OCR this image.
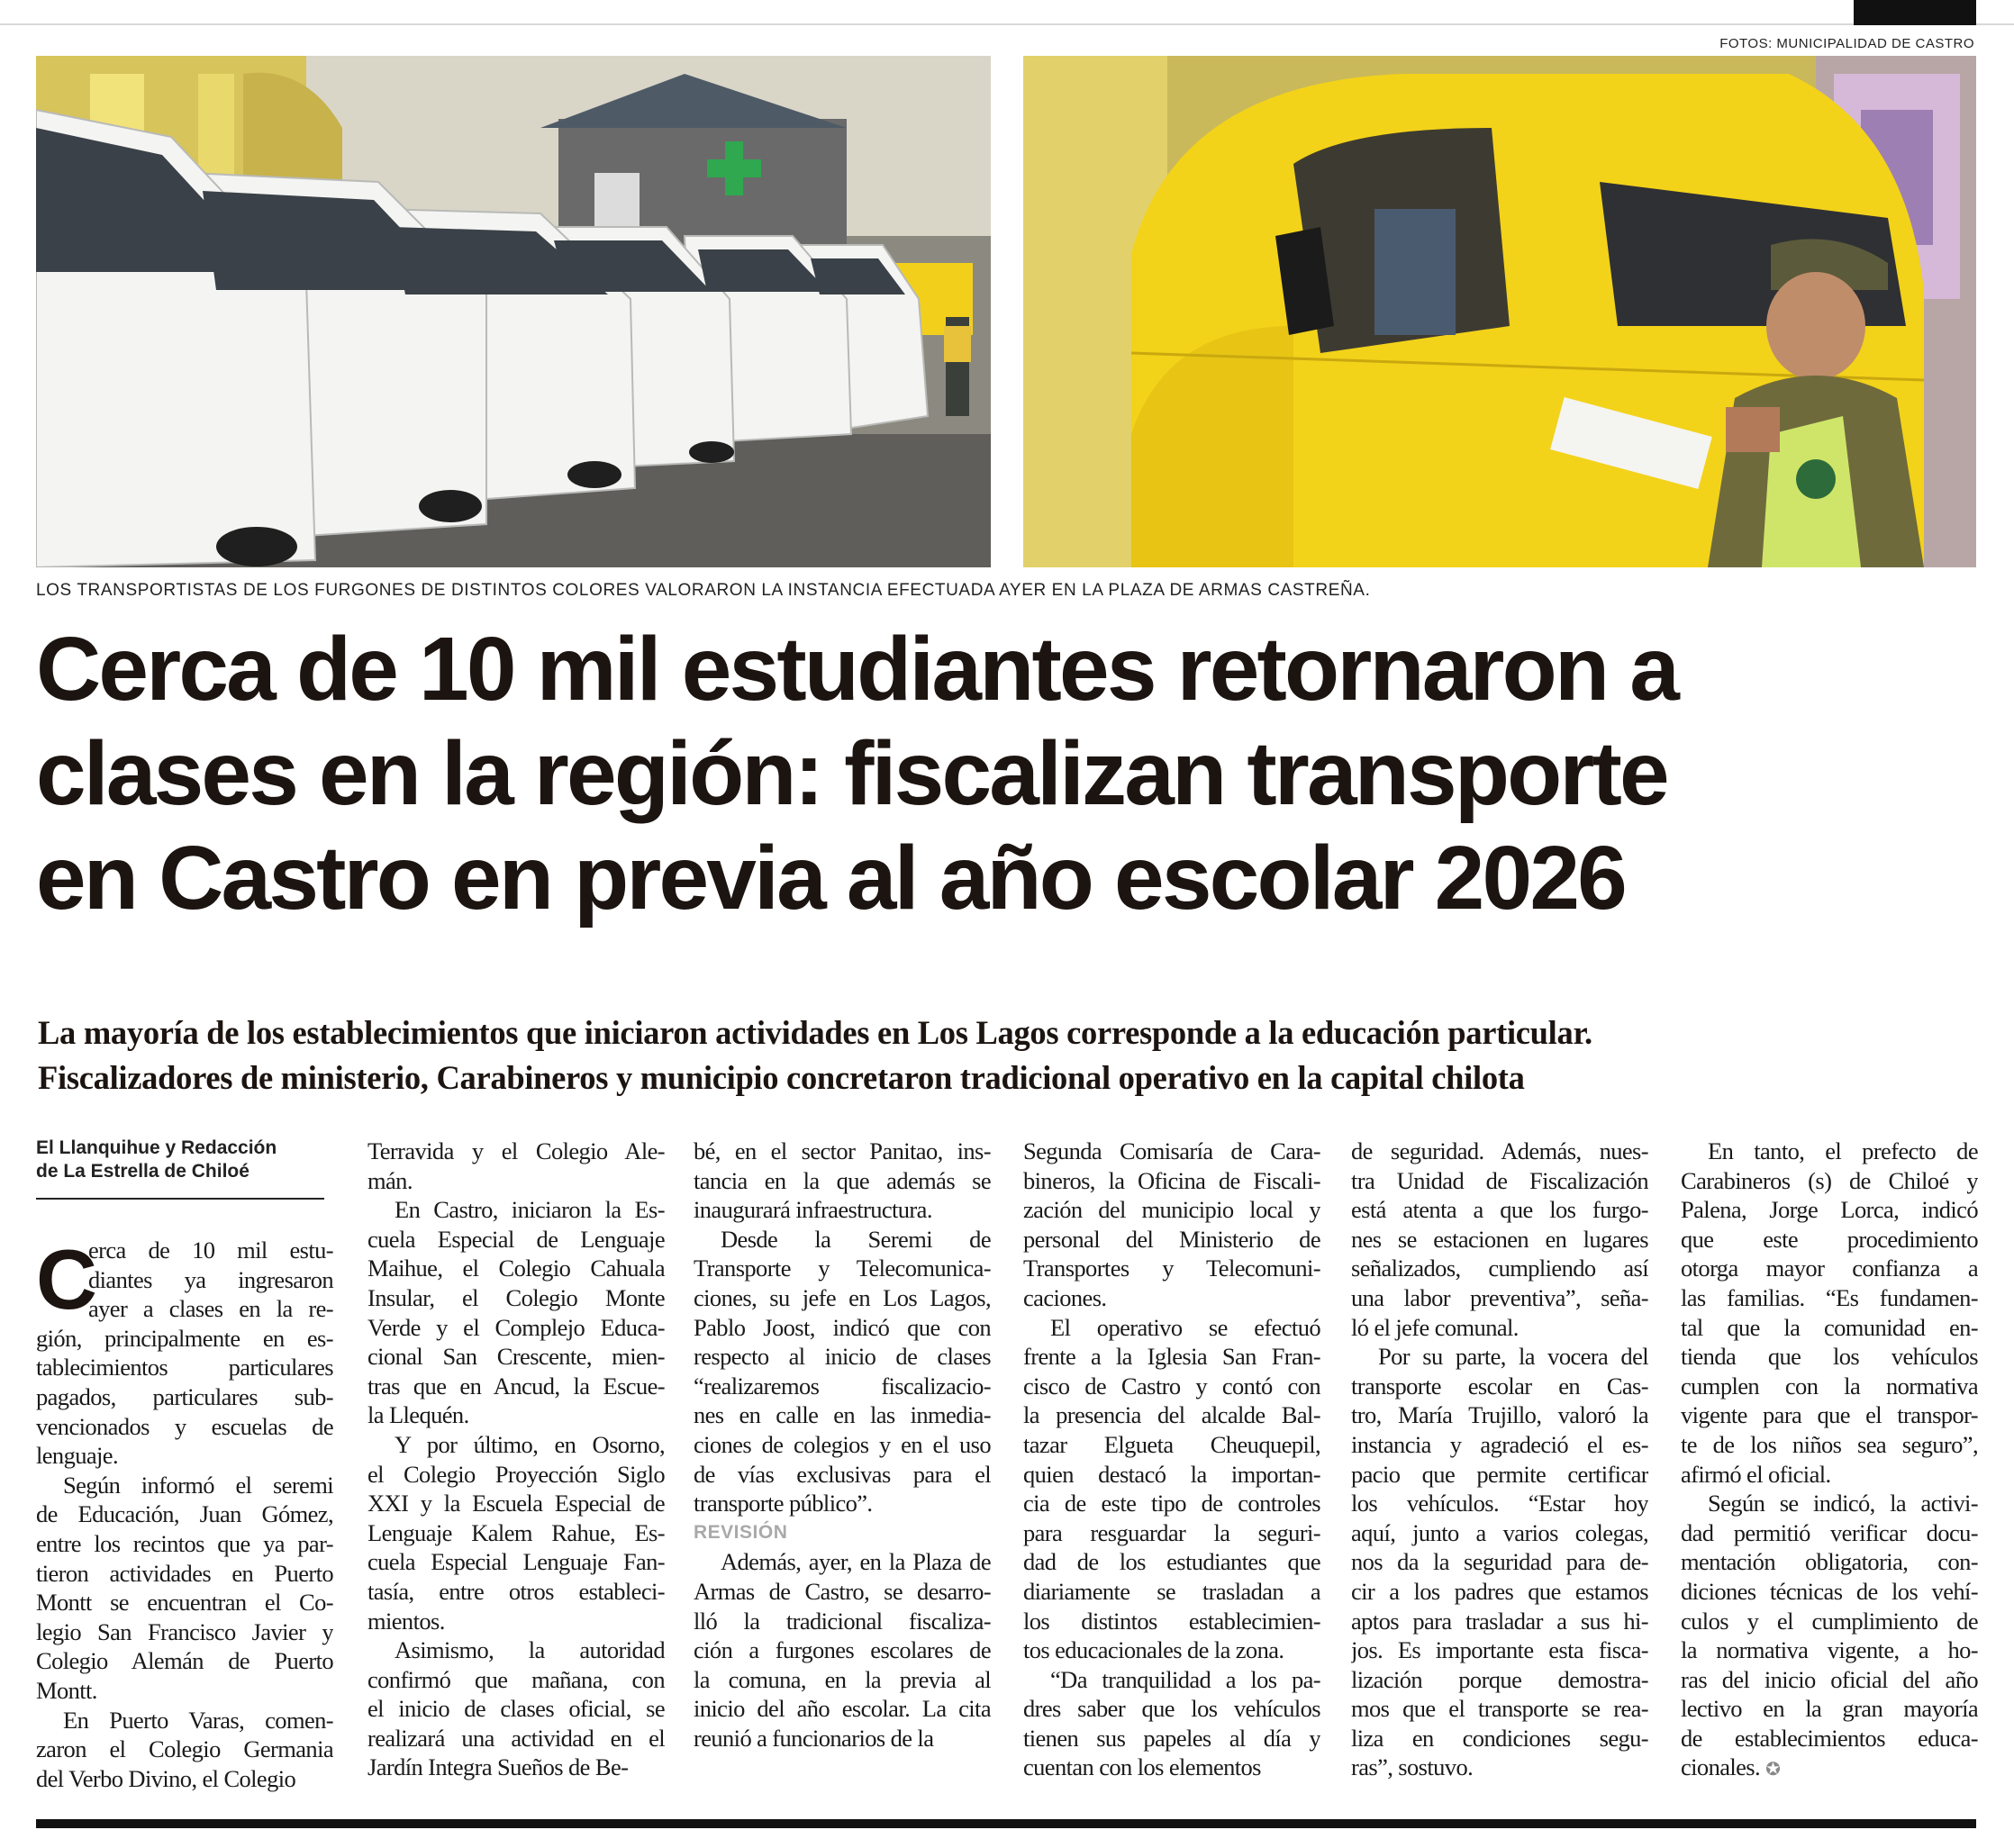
FOTOS: MUNICIPALIDAD DE CASTRO
LOS TRANSPORTISTAS DE LOS FURGONES DE DISTINTOS COLORES VALORARON LA INSTANCIA EFECTUADA AYER EN LA PLAZA DE ARMAS CASTREÑA.
Cerca de 10 mil estudiantes retornaron a
clases en la región: fiscalizan transporte
en Castro en previa al año escolar 2026
La mayoría de los establecimientos que iniciaron actividades en Los Lagos corresponde a la educación particular.
Fiscalizadores de ministerio, Carabineros y municipio concretaron tradicional operativo en la capital chilota
El Llanquihue y Redacción
de La Estrella de Chiloé
C
erca de 10 mil estu-
diantes ya ingresaron
ayer a clases en la re-
gión, principalmente en es-
tablecimientos particulares
pagados, particulares sub-
vencionados y escuelas de
lenguaje.
Según informó el seremi
de Educación, Juan Gómez,
entre los recintos que ya par-
tieron actividades en Puerto
Montt se encuentran el Co-
legio San Francisco Javier y
Colegio Alemán de Puerto
Montt.
En Puerto Varas, comen-
zaron el Colegio Germania
del Verbo Divino, el Colegio
Terravida y el Colegio Ale-
mán.
En Castro, iniciaron la Es-
cuela Especial de Lenguaje
Maihue, el Colegio Cahuala
Insular, el Colegio Monte
Verde y el Complejo Educa-
cional San Crescente, mien-
tras que en Ancud, la Escue-
la Llequén.
Y por último, en Osorno,
el Colegio Proyección Siglo
XXI y la Escuela Especial de
Lenguaje Kalem Rahue, Es-
cuela Especial Lenguaje Fan-
tasía, entre otros estableci-
mientos.
Asimismo, la autoridad
confirmó que mañana, con
el inicio de clases oficial, se
realizará una actividad en el
Jardín Integra Sueños de Be-
bé, en el sector Panitao, ins-
tancia en la que además se
inaugurará infraestructura.
Desde la Seremi de
Transporte y Telecomunica-
ciones, su jefe en Los Lagos,
Pablo Joost, indicó que con
respecto al inicio de clases
“realizaremos fiscalizacio-
nes en calle en las inmedia-
ciones de colegios y en el uso
de vías exclusivas para el
transporte público”.
REVISIÓN
Además, ayer, en la Plaza de
Armas de Castro, se desarro-
lló la tradicional fiscaliza-
ción a furgones escolares de
la comuna, en la previa al
inicio del año escolar. La cita
reunió a funcionarios de la
Segunda Comisaría de Cara-
bineros, la Oficina de Fiscali-
zación del municipio local y
personal del Ministerio de
Transportes y Telecomuni-
caciones.
El operativo se efectuó
frente a la Iglesia San Fran-
cisco de Castro y contó con
la presencia del alcalde Bal-
tazar Elgueta Cheuquepil,
quien destacó la importan-
cia de este tipo de controles
para resguardar la seguri-
dad de los estudiantes que
diariamente se trasladan a
los distintos establecimien-
tos educacionales de la zona.
“Da tranquilidad a los pa-
dres saber que los vehículos
tienen sus papeles al día y
cuentan con los elementos
de seguridad. Además, nues-
tra Unidad de Fiscalización
está atenta a que los furgo-
nes se estacionen en lugares
señalizados, cumpliendo así
una labor preventiva”, seña-
ló el jefe comunal.
Por su parte, la vocera del
transporte escolar en Cas-
tro, María Trujillo, valoró la
instancia y agradeció el es-
pacio que permite certificar
los vehículos. “Estar hoy
aquí, junto a varios colegas,
nos da la seguridad para de-
cir a los padres que estamos
aptos para trasladar a sus hi-
jos. Es importante esta fisca-
lización porque demostra-
mos que el transporte se rea-
liza en condiciones segu-
ras”, sostuvo.
En tanto, el prefecto de
Carabineros (s) de Chiloé y
Palena, Jorge Lorca, indicó
que este procedimiento
otorga mayor confianza a
las familias. “Es fundamen-
tal que la comunidad en-
tienda que los vehículos
cumplen con la normativa
vigente para que el transpor-
te de los niños sea seguro”,
afirmó el oficial.
Según se indicó, la activi-
dad permitió verificar docu-
mentación obligatoria, con-
diciones técnicas de los vehí-
culos y el cumplimiento de
la normativa vigente, a ho-
ras del inicio oficial del año
lectivo en la gran mayoría
de establecimientos educa-
cionales. ✪
